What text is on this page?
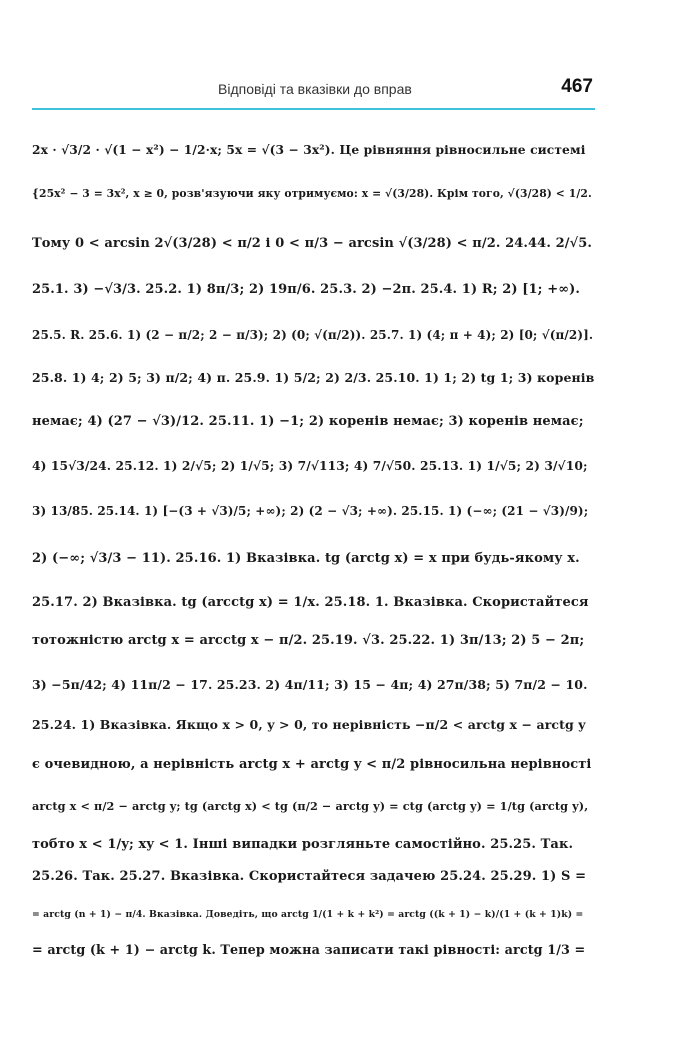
Відповіді та вказівки до вправ	467
2x · √3/2 · √(1 − x²) − 1/2·x; 5x = √(3 − 3x²). Це рівняння рівносильне системі
{25x² − 3 = 3x², x ≥ 0, розв'язуючи яку отримуємо: x = √(3/28). Крім того, √(3/28) < 1/2.
Тому 0 < arcsin 2√(3/28) < π/2 і 0 < π/3 − arcsin √(3/28) < π/2. 24.44. 2/√5.
25.1. 3) −√3/3. 25.2. 1) 8π/3; 2) 19π/6. 25.3. 2) −2π. 25.4. 1) R; 2) [1; +∞).
25.5. R. 25.6. 1) (2 − π/2; 2 − π/3); 2) (0; √(π/2)). 25.7. 1) (4; π + 4); 2) [0; √(π/2)].
25.8. 1) 4; 2) 5; 3) π/2; 4) π. 25.9. 1) 5/2; 2) 2/3. 25.10. 1) 1; 2) tg 1; 3) коренів
немає; 4) (27 − √3)/12. 25.11. 1) −1; 2) коренів немає; 3) коренів немає;
4) 15√3/24. 25.12. 1) 2/√5; 2) 1/√5; 3) 7/√113; 4) 7/√50. 25.13. 1) 1/√5; 2) 3/√10;
3) 13/85. 25.14. 1) [−(3 + √3)/5; +∞); 2) (2 − √3; +∞). 25.15. 1) (−∞; (21 − √3)/9);
2) (−∞; √3/3 − 11). 25.16. 1) Вказівка. tg (arctg x) = x при будь-якому x.
25.17. 2) Вказівка. tg (arcctg x) = 1/x. 25.18. 1. Вказівка. Скористайтеся
тотожністю arctg x = arcctg x − π/2. 25.19. √3. 25.22. 1) 3π/13; 2) 5 − 2π;
3) −5π/42; 4) 11π/2 − 17. 25.23. 2) 4π/11; 3) 15 − 4π; 4) 27π/38; 5) 7π/2 − 10.
25.24. 1) Вказівка. Якщо x > 0, y > 0, то нерівність −π/2 < arctg x − arctg y
є очевидною, а нерівність arctg x + arctg y < π/2 рівносильна нерівності
arctg x < π/2 − arctg y; tg (arctg x) < tg (π/2 − arctg y) = ctg (arctg y) = 1/tg (arctg y),
тобто x < 1/y; xy < 1. Інші випадки розгляньте самостійно. 25.25. Так.
25.26. Так. 25.27. Вказівка. Скористайтеся задачею 25.24. 25.29. 1) S =
= arctg (n + 1) − π/4. Вказівка. Доведіть, що arctg 1/(1 + k + k²) = arctg ((k + 1) − k)/(1 + (k + 1)k) =
= arctg (k + 1) − arctg k. Тепер можна записати такі рівності: arctg 1/3 =
